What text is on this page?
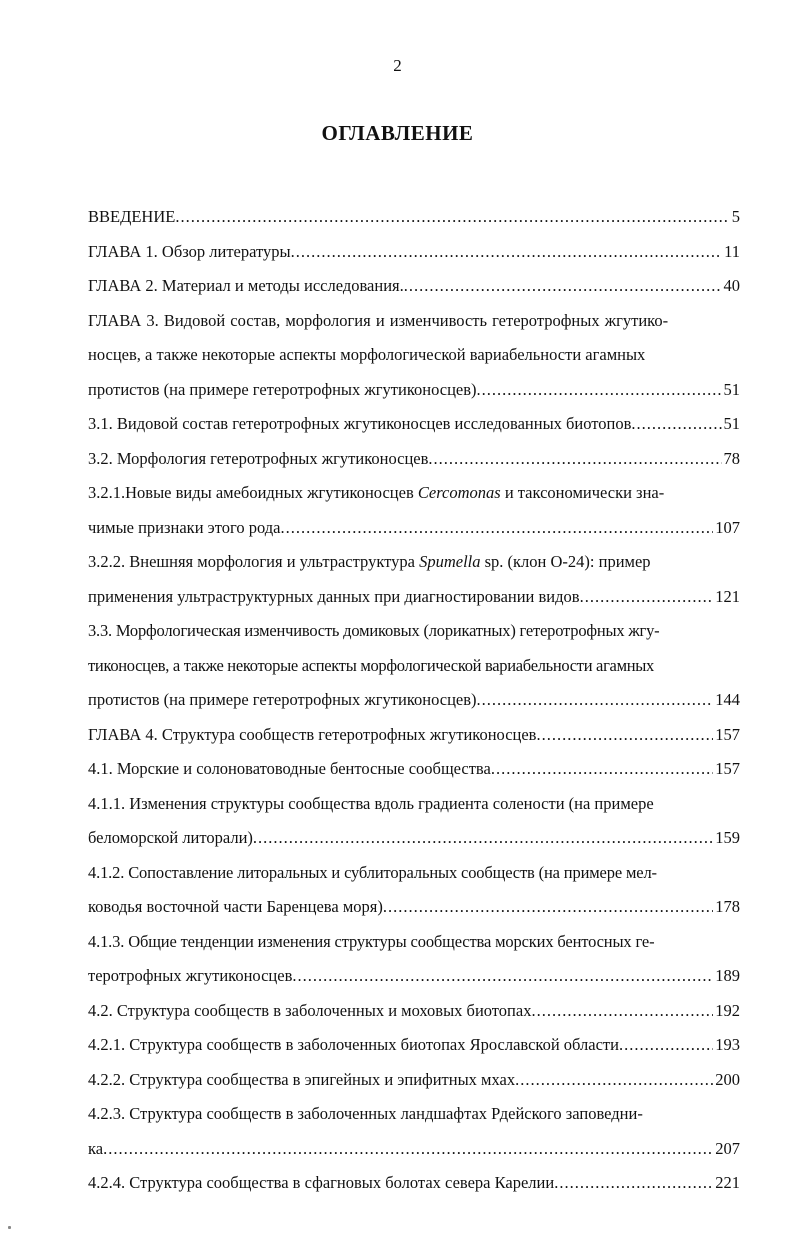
2
ОГЛАВЛЕНИЕ
ВВЕДЕНИЕ .....	5
ГЛАВА 1. Обзор литературы .....	11
ГЛАВА 2. Материал и методы исследования. .....	40
ГЛАВА 3. Видовой состав, морфология и изменчивость гетеротрофных жгутико-
носцев, а также некоторые аспекты морфологической вариабельности агамных
протистов (на примере гетеротрофных жгутиконосцев) .....	51
3.1. Видовой состав гетеротрофных жгутиконосцев исследованных биотопов .....	51
3.2. Морфология гетеротрофных жгутиконосцев .....	78
3.2.1.Новые виды амебоидных жгутиконосцев Cercomonas и таксономически зна-
чимые признаки этого рода .....	107
3.2.2. Внешняя морфология и ультраструктура Spumella sp. (клон О-24): пример
применения ультраструктурных данных при диагностировании видов .....	121
3.3. Морфологическая изменчивость домиковых (лорикатных) гетеротрофных жгу-
тиконосцев, а также некоторые аспекты морфологической вариабельности агамных
протистов (на примере гетеротрофных жгутиконосцев) .....	144
ГЛАВА 4. Структура сообществ гетеротрофных жгутиконосцев .....	157
4.1. Морские и солоноватоводные бентосные сообщества .....	157
4.1.1. Изменения структуры сообщества вдоль градиента солености (на примере
беломорской литорали) .....	159
4.1.2. Сопоставление литоральных и сублиторальных сообществ (на примере мел-
ководья восточной части Баренцева моря) .....	178
4.1.3. Общие тенденции изменения структуры сообщества морских бентосных ге-
теротрофных жгутиконосцев .....	189
4.2. Структура сообществ в заболоченных и моховых биотопах .....	192
4.2.1. Структура сообществ в заболоченных биотопах Ярославской области .....	193
4.2.2. Структура сообщества в эпигейных и эпифитных мхах .....	200
4.2.3. Структура сообществ в заболоченных ландшафтах Рдейского заповедни-
ка .....	207
4.2.4. Структура сообщества в сфагновых болотах севера Карелии .....	221
